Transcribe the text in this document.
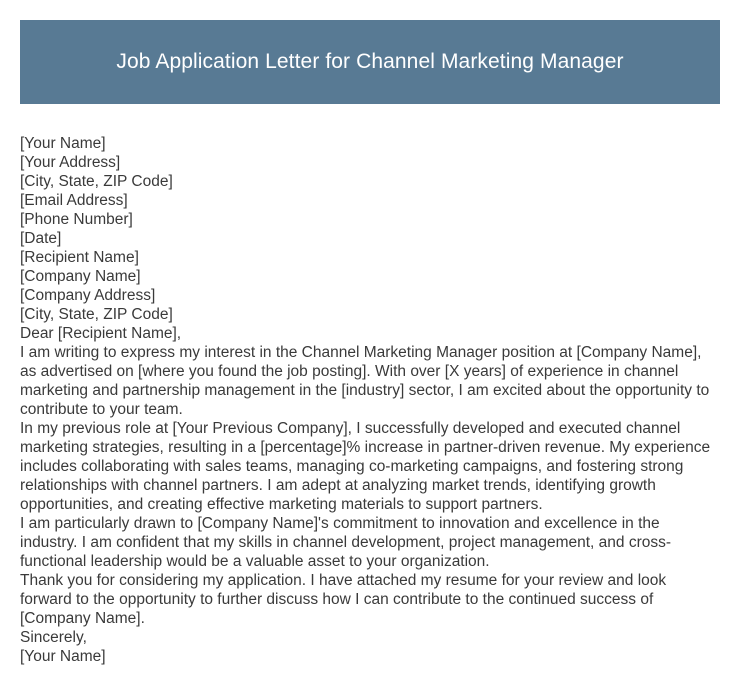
Job Application Letter for Channel Marketing Manager
[Your Name]
[Your Address]
[City, State, ZIP Code]
[Email Address]
[Phone Number]
[Date]
[Recipient Name]
[Company Name]
[Company Address]
[City, State, ZIP Code]
Dear [Recipient Name],

I am writing to express my interest in the Channel Marketing Manager position at [Company Name], as advertised on [where you found the job posting]. With over [X years] of experience in channel marketing and partnership management in the [industry] sector, I am excited about the opportunity to contribute to your team.

In my previous role at [Your Previous Company], I successfully developed and executed channel marketing strategies, resulting in a [percentage]% increase in partner-driven revenue. My experience includes collaborating with sales teams, managing co-marketing campaigns, and fostering strong relationships with channel partners. I am adept at analyzing market trends, identifying growth opportunities, and creating effective marketing materials to support partners.

I am particularly drawn to [Company Name]'s commitment to innovation and excellence in the industry. I am confident that my skills in channel development, project management, and cross-functional leadership would be a valuable asset to your organization.

Thank you for considering my application. I have attached my resume for your review and look forward to the opportunity to further discuss how I can contribute to the continued success of [Company Name].

Sincerely,
[Your Name]
